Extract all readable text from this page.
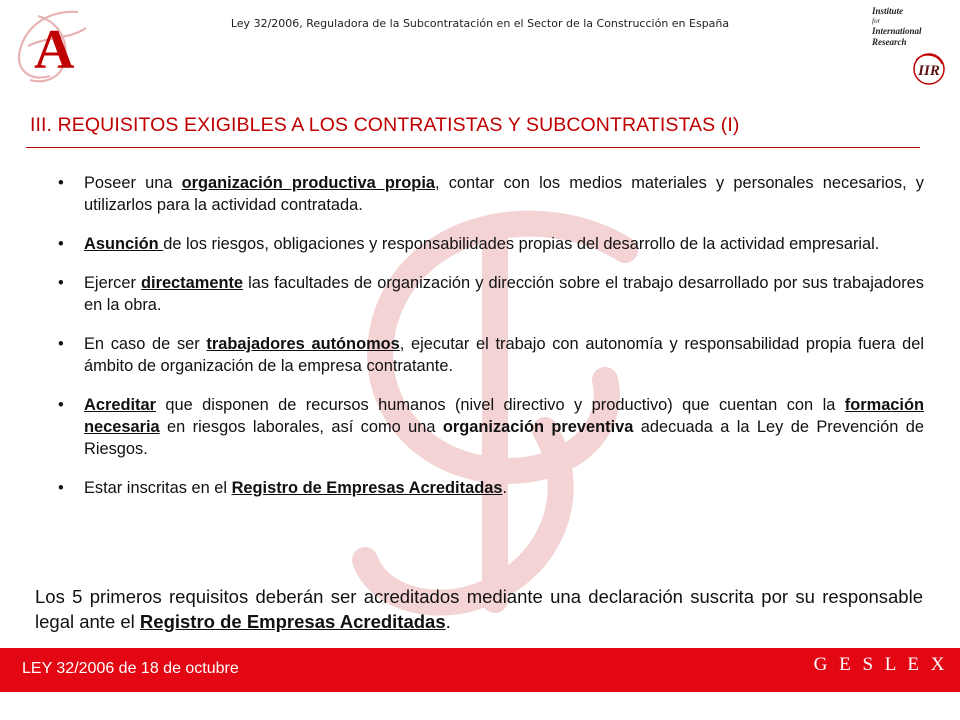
Ley 32/2006, Reguladora de la Subcontratación en el Sector de la Construcción en España
A
Institute
for
International
Research
IIR
III. REQUISITOS EXIGIBLES A LOS CONTRATISTAS Y SUBCONTRATISTAS (I)
• Poseer una organización productiva propia, contar con los medios materiales y personales necesarios, y utilizarlos para la actividad contratada.
• Asunción de los riesgos, obligaciones y responsabilidades propias del desarrollo de la actividad empresarial.
• Ejercer directamente las facultades de organización y dirección sobre el trabajo desarrollado por sus trabajadores en la obra.
• En caso de ser trabajadores autónomos, ejecutar el trabajo con autonomía y responsabilidad propia fuera del ámbito de organización de la empresa contratante.
• Acreditar que disponen de recursos humanos (nivel directivo y productivo) que cuentan con la formación necesaria en riesgos laborales, así como una organización preventiva adecuada a la Ley de Prevención de Riesgos.
• Estar inscritas en el Registro de Empresas Acreditadas.
Los 5 primeros requisitos deberán ser acreditados mediante una declaración suscrita por su responsable legal ante el Registro de Empresas Acreditadas.
LEY 32/2006 de 18 de octubre	G E S L E X
